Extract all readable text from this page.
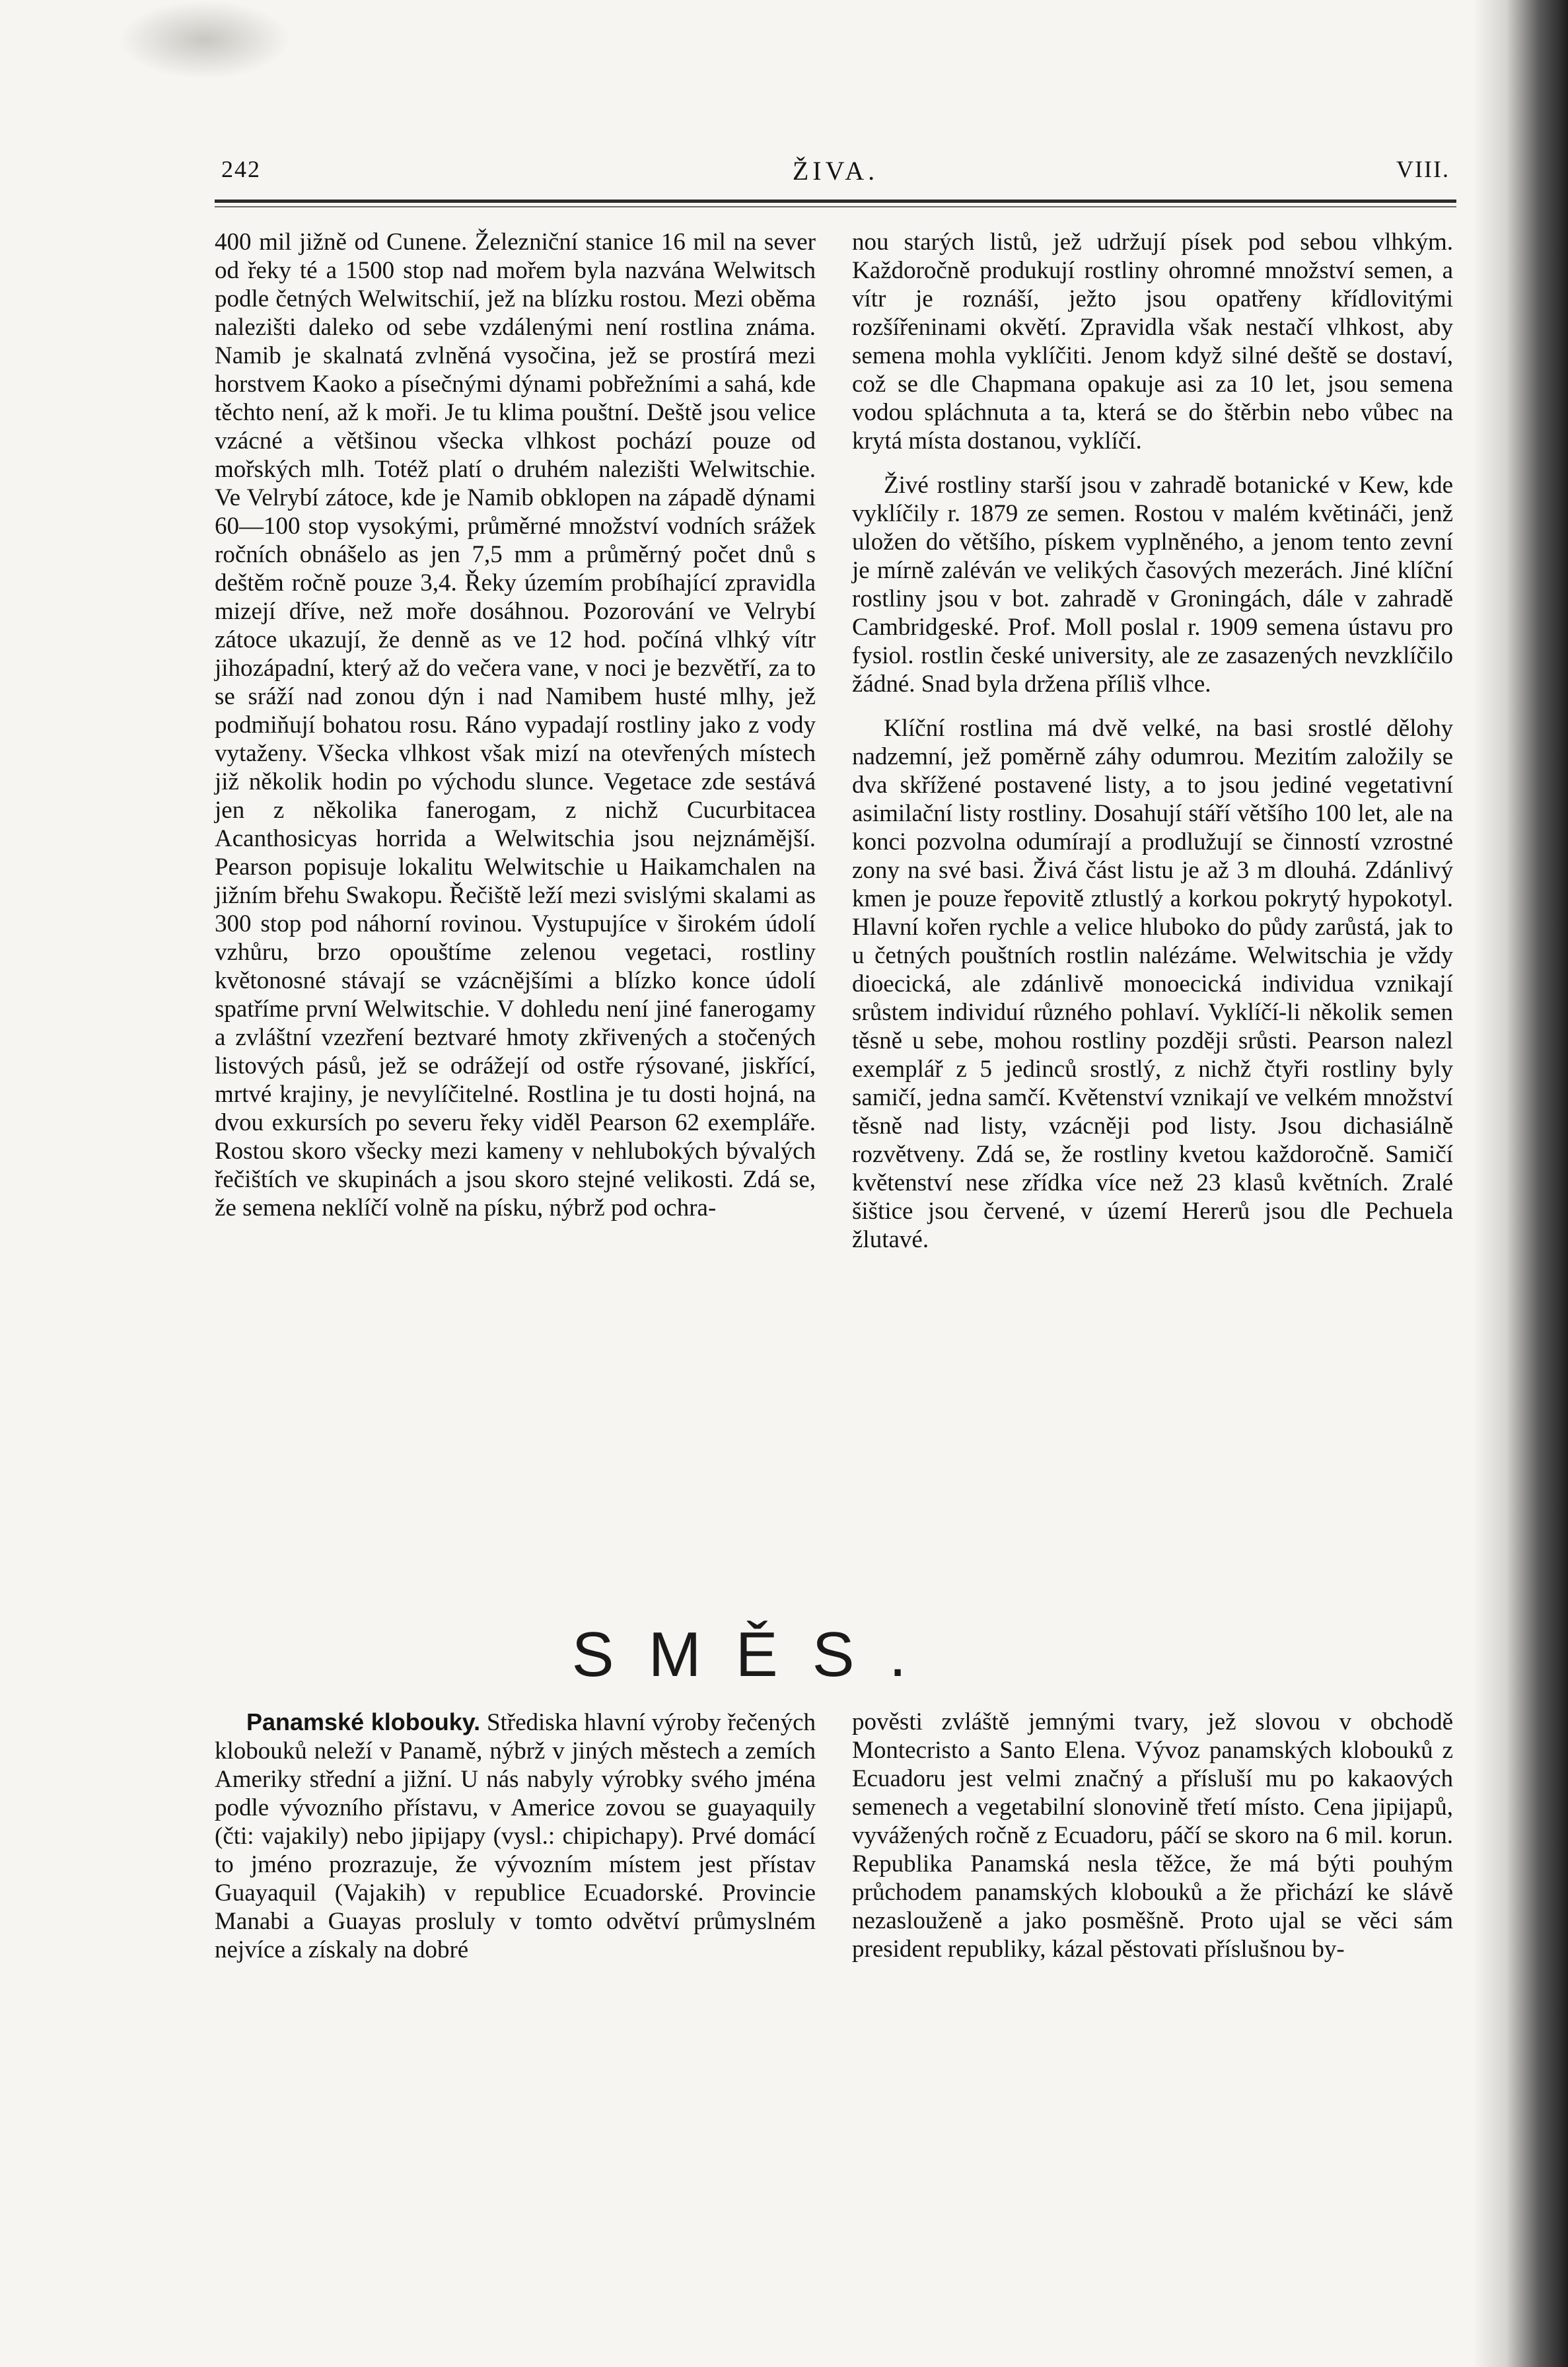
242	ŽIVA.	VIII.

400 mil jižně od Cunene. Železniční stanice 16 mil na sever od řeky té a 1500 stop nad mořem byla nazvána Welwitsch podle četných Welwitschií, jež na blízku rostou. Mezi oběma nalezišti daleko od sebe vzdálenými není rostlina známa. Namib je skalnatá zvlněná vysočina, jež se prostírá mezi horstvem Kaoko a písečnými dýnami pobřežními a sahá, kde těchto není, až k moři. Je tu klima pouštní. Deště jsou velice vzácné a většinou všecka vlhkost pochází pouze od mořských mlh. Totéž platí o druhém nalezišti Welwitschie. Ve Velrybí zátoce, kde je Namib obklopen na západě dýnami 60—100 stop vysokými, průměrné množství vodních srážek ročních obnášelo as jen 7,5 mm a průměrný počet dnů s deštěm ročně pouze 3,4. Řeky územím probíhající zpravidla mizejí dříve, než moře dosáhnou. Pozorování ve Velrybí zátoce ukazují, že denně as ve 12 hod. počíná vlhký vítr jihozápadní, který až do večera vane, v noci je bezvětří, za to se sráží nad zonou dýn i nad Namibem husté mlhy, jež podmiňují bohatou rosu. Ráno vypadají rostliny jako z vody vytaženy. Všecka vlhkost však mizí na otevřených místech již několik hodin po východu slunce. Vegetace zde sestává jen z několika fanerogam, z nichž Cucurbitacea Acanthosicyas horrida a Welwitschia jsou nejznámější. Pearson popisuje lokalitu Welwitschie u Haikamchalen na jižním břehu Swakopu. Řečiště leží mezi svislými skalami as 300 stop pod náhorní rovinou. Vystupujíce v širokém údolí vzhůru, brzo opouštíme zelenou vegetaci, rostliny květonosné stávají se vzácnějšími a blízko konce údolí spatříme první Welwitschie. V dohledu není jiné fanerogamy a zvláštní vzezření beztvaré hmoty zkřivených a stočených listových pásů, jež se odrážejí od ostře rýsované, jiskřící, mrtvé krajiny, je nevylíčitelné. Rostlina je tu dosti hojná, na dvou exkursích po severu řeky viděl Pearson 62 exempláře. Rostou skoro všecky mezi kameny v nehlubokých bývalých řečištích ve skupinách a jsou skoro stejné velikosti. Zdá se, že semena neklíčí volně na písku, nýbrž pod ochra-

nou starých listů, jež udržují písek pod sebou vlhkým. Každoročně produkují rostliny ohromné množství semen, a vítr je roznáší, ježto jsou opatřeny křídlovitými rozšířeninami okvětí. Zpravidla však nestačí vlhkost, aby semena mohla vyklíčiti. Jenom když silné deště se dostaví, což se dle Chapmana opakuje asi za 10 let, jsou semena vodou spláchnuta a ta, která se do štěrbin nebo vůbec na krytá místa dostanou, vyklíčí.

Živé rostliny starší jsou v zahradě botanické v Kew, kde vyklíčily r. 1879 ze semen. Rostou v malém květináči, jenž uložen do většího, pískem vyplněného, a jenom tento zevní je mírně zaléván ve velikých časových mezerách. Jiné klíční rostliny jsou v bot. zahradě v Groningách, dále v zahradě Cambridgeské. Prof. Moll poslal r. 1909 semena ústavu pro fysiol. rostlin české university, ale ze zasazených nevzklíčilo žádné. Snad byla držena příliš vlhce.

Klíční rostlina má dvě velké, na basi srostlé dělohy nadzemní, jež poměrně záhy odumrou. Mezitím založily se dva skřížené postavené listy, a to jsou jediné vegetativní asimilační listy rostliny. Dosahují stáří většího 100 let, ale na konci pozvolna odumírají a prodlužují se činností vzrostné zony na své basi. Živá část listu je až 3 m dlouhá. Zdánlivý kmen je pouze řepovitě ztlustlý a korkou pokrytý hypokotyl. Hlavní kořen rychle a velice hluboko do půdy zarůstá, jak to u četných pouštních rostlin nalézáme. Welwitschia je vždy dioecická, ale zdánlivě monoecická individua vznikají srůstem individuí různého pohlaví. Vyklíčí-li několik semen těsně u sebe, mohou rostliny později srůsti. Pearson nalezl exemplář z 5 jedinců srostlý, z nichž čtyři rostliny byly samičí, jedna samčí. Květenství vznikají ve velkém množství těsně nad listy, vzácněji pod listy. Jsou dichasiálně rozvětveny. Zdá se, že rostliny kvetou každoročně. Samičí květenství nese zřídka více než 23 klasů květních. Zralé šištice jsou červené, v území Hererů jsou dle Pechuela žlutavé.

SMĚS.

Panamské klobouky. Střediska hlavní výroby řečených klobouků neleží v Panamě, nýbrž v jiných městech a zemích Ameriky střední a jižní. U nás nabyly výrobky svého jména podle vývozního přístavu, v Americe zovou se guayaquily (čti: vajakily) nebo jipijapy (vysl.: chipichapy). Prvé domácí to jméno prozrazuje, že vývozním místem jest přístav Guayaquil (Vajakih) v republice Ecuadorské. Provincie Manabi a Guayas prosluly v tomto odvětví průmyslném nejvíce a získaly na dobré

pověsti zvláště jemnými tvary, jež slovou v obchodě Montecristo a Santo Elena. Vývoz panamských klobouků z Ecuadoru jest velmi značný a přísluší mu po kakaových semenech a vegetabilní slonovině třetí místo. Cena jipijapů, vyvážených ročně z Ecuadoru, páčí se skoro na 6 mil. korun. Republika Panamská nesla těžce, že má býti pouhým průchodem panamských klobouků a že přichází ke slávě nezaslouženě a jako posměšně. Proto ujal se věci sám president republiky, kázal pěstovati příslušnou by-
